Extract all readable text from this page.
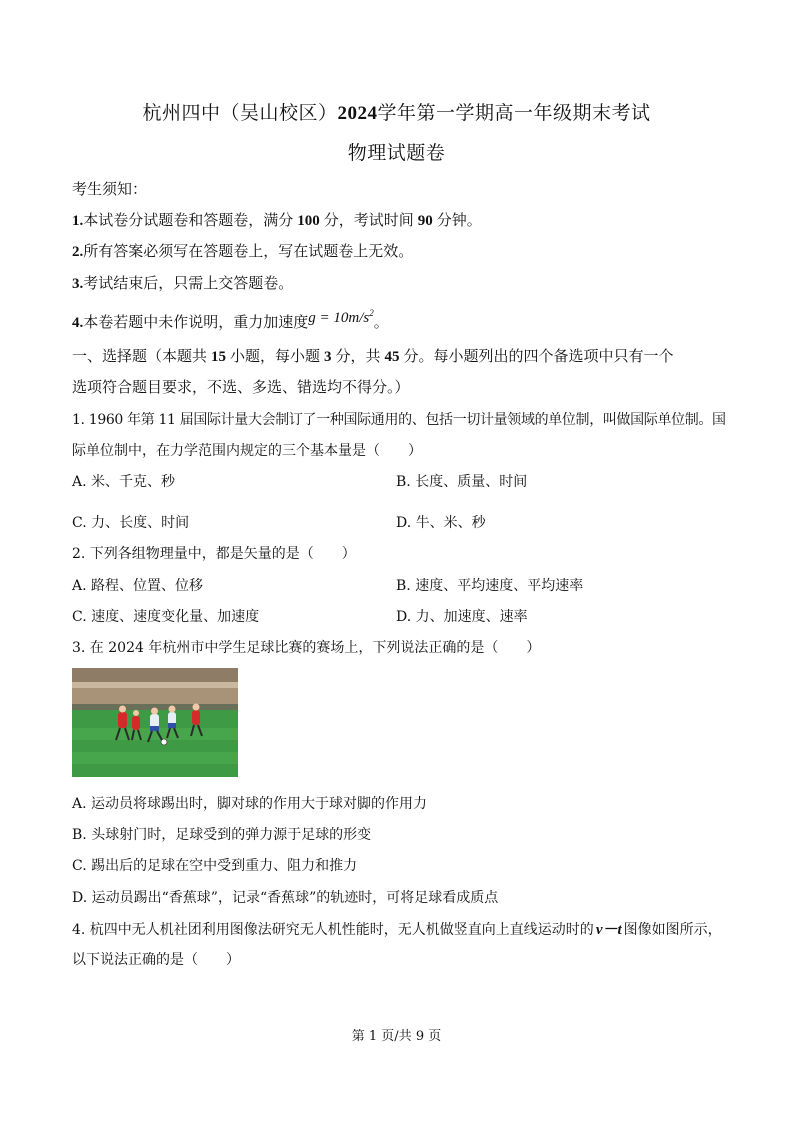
杭州四中（吴山校区）2024学年第一学期高一年级期末考试
物理试题卷
考生须知：
1.本试卷分试题卷和答题卷，满分 100 分，考试时间 90 分钟。
2.所有答案必须写在答题卷上，写在试题卷上无效。
3.考试结束后，只需上交答题卷。
4.本卷若题中未作说明，重力加速度$g = 10m/s^2$。
一、选择题（本题共 15 小题，每小题 3 分，共 45 分。每小题列出的四个备选项中只有一个
选项符合题目要求，不选、多选、错选均不得分。）
1. 1960 年第 11 届国际计量大会制订了一种国际通用的、包括一切计量领域的单位制，叫做国际单位制。国
际单位制中，在力学范围内规定的三个基本量是（　　）
A. 米、千克、秒	B. 长度、质量、时间
C. 力、长度、时间	D. 牛、米、秒
2. 下列各组物理量中，都是矢量的是（　　）
A. 路程、位置、位移	B. 速度、平均速度、平均速率
C. 速度、速度变化量、加速度	D. 力、加速度、速率
3. 在 2024 年杭州市中学生足球比赛的赛场上，下列说法正确的是（　　）
A. 运动员将球踢出时，脚对球的作用大于球对脚的作用力
B. 头球射门时，足球受到的弹力源于足球的形变
C. 踢出后的足球在空中受到重力、阻力和推力
D. 运动员踢出“香蕉球”，记录“香蕉球”的轨迹时，可将足球看成质点
4. 杭四中无人机社团利用图像法研究无人机性能时，无人机做竖直向上直线运动时的 v－t 图像如图所示，
以下说法正确的是（　　）
第 1 页/共 9 页
